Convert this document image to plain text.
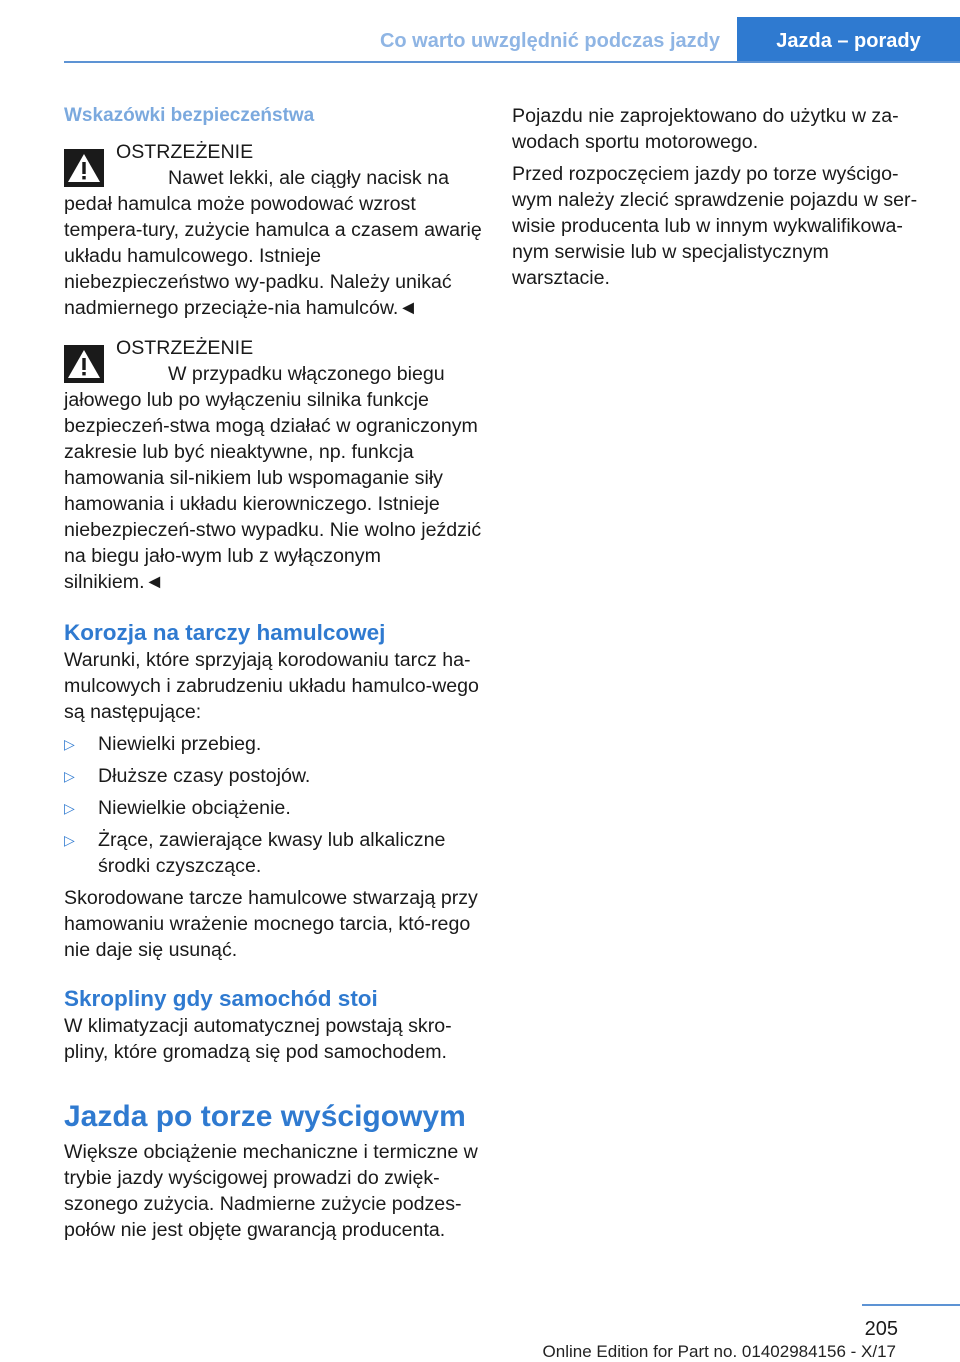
Co warto uwzględnić podczas jazdy	Jazda – porady

Wskazówki bezpieczeństwa

OSTRZEŻENIE

Nawet lekki, ale ciągły nacisk na pedał hamulca może powodować wzrost tempera-tury, zużycie hamulca a czasem awarię układu hamulcowego. Istnieje niebezpieczeństwo wy-padku. Należy unikać nadmiernego przeciąże-nia hamulców.◄

OSTRZEŻENIE

W przypadku włączonego biegu jałowego lub po wyłączeniu silnika funkcje bezpieczeń-stwa mogą działać w ograniczonym zakresie lub być nieaktywne, np. funkcja hamowania sil-nikiem lub wspomaganie siły hamowania i układu kierowniczego. Istnieje niebezpieczeń-stwo wypadku. Nie wolno jeździć na biegu jało-wym lub z wyłączonym silnikiem.◄

Korozja na tarczy hamulcowej

Warunki, które sprzyjają korodowaniu tarcz ha-mulcowych i zabrudzeniu układu hamulco-wego są następujące:

▷ Niewielki przebieg.

▷ Dłuższe czasy postojów.

▷ Niewielkie obciążenie.

▷ Żrące, zawierające kwasy lub alkaliczne środki czyszczące.

Skorodowane tarcze hamulcowe stwarzają przy hamowaniu wrażenie mocnego tarcia, któ-rego nie daje się usunąć.

Skropliny gdy samochód stoi

W klimatyzacji automatycznej powstają skro-pliny, które gromadzą się pod samochodem.

Jazda po torze wyścigowym

Większe obciążenie mechaniczne i termiczne w trybie jazdy wyścigowej prowadzi do zwięk-szonego zużycia. Nadmierne zużycie podzes-połów nie jest objęte gwarancją producenta.

Pojazdu nie zaprojektowano do użytku w za-wodach sportu motorowego.

Przed rozpoczęciem jazdy po torze wyścigo-wym należy zlecić sprawdzenie pojazdu w ser-wisie producenta lub w innym wykwalifikowa-nym serwisie lub w specjalistycznym warsztacie.

205
Online Edition for Part no. 01402984156 - X/17
